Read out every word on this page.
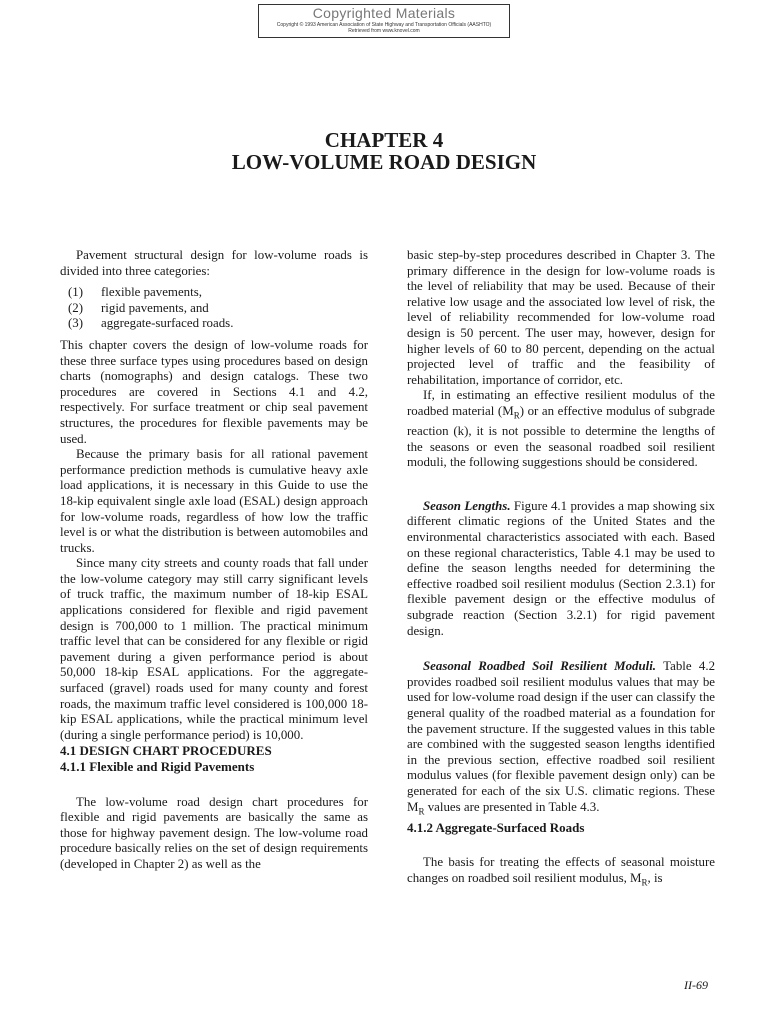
Copyrighted Materials
Copyright © 1993 American Association of State Highway and Transportation Officials (AASHTO)
Retrieved from www.knovel.com
CHAPTER 4
LOW-VOLUME ROAD DESIGN

Pavement structural design for low-volume roads is divided into three categories:

(1)	flexible pavements,
(2)	rigid pavements, and
(3)	aggregate-surfaced roads.

This chapter covers the design of low-volume roads for these three surface types using procedures based on design charts (nomographs) and design catalogs. These two procedures are covered in Sections 4.1 and 4.2, respectively. For surface treatment or chip seal pavement structures, the procedures for flexible pavements may be used.

Because the primary basis for all rational pavement performance prediction methods is cumulative heavy axle load applications, it is necessary in this Guide to use the 18-kip equivalent single axle load (ESAL) design approach for low-volume roads, regardless of how low the traffic level is or what the distribution is between automobiles and trucks.

Since many city streets and county roads that fall under the low-volume category may still carry significant levels of truck traffic, the maximum number of 18-kip ESAL applications considered for flexible and rigid pavement design is 700,000 to 1 million. The practical minimum traffic level that can be considered for any flexible or rigid pavement during a given performance period is about 50,000 18-kip ESAL applications. For the aggregate-surfaced (gravel) roads used for many county and forest roads, the maximum traffic level considered is 100,000 18-kip ESAL applications, while the practical minimum level (during a single performance period) is 10,000.

4.1 DESIGN CHART PROCEDURES
4.1.1 Flexible and Rigid Pavements

The low-volume road design chart procedures for flexible and rigid pavements are basically the same as those for highway pavement design. The low-volume road procedure basically relies on the set of design requirements (developed in Chapter 2) as well as the

basic step-by-step procedures described in Chapter 3. The primary difference in the design for low-volume roads is the level of reliability that may be used. Because of their relative low usage and the associated low level of risk, the level of reliability recommended for low-volume road design is 50 percent. The user may, however, design for higher levels of 60 to 80 percent, depending on the actual projected level of traffic and the feasibility of rehabilitation, importance of corridor, etc.

If, in estimating an effective resilient modulus of the roadbed material $(M_R)$ or an effective modulus of subgrade reaction (k), it is not possible to determine the lengths of the seasons or even the seasonal roadbed soil resilient moduli, the following suggestions should be considered.

Season Lengths. Figure 4.1 provides a map showing six different climatic regions of the United States and the environmental characteristics associated with each. Based on these regional characteristics, Table 4.1 may be used to define the season lengths needed for determining the effective roadbed soil resilient modulus (Section 2.3.1) for flexible pavement design or the effective modulus of subgrade reaction (Section 3.2.1) for rigid pavement design.

Seasonal Roadbed Soil Resilient Moduli. Table 4.2 provides roadbed soil resilient modulus values that may be used for low-volume road design if the user can classify the general quality of the roadbed material as a foundation for the pavement structure. If the suggested values in this table are combined with the suggested season lengths identified in the previous section, effective roadbed soil resilient modulus values (for flexible pavement design only) can be generated for each of the six U.S. climatic regions. These $M_R$ values are presented in Table 4.3.

4.1.2 Aggregate-Surfaced Roads

The basis for treating the effects of seasonal moisture changes on roadbed soil resilient modulus, $M_R$, is

II-69
